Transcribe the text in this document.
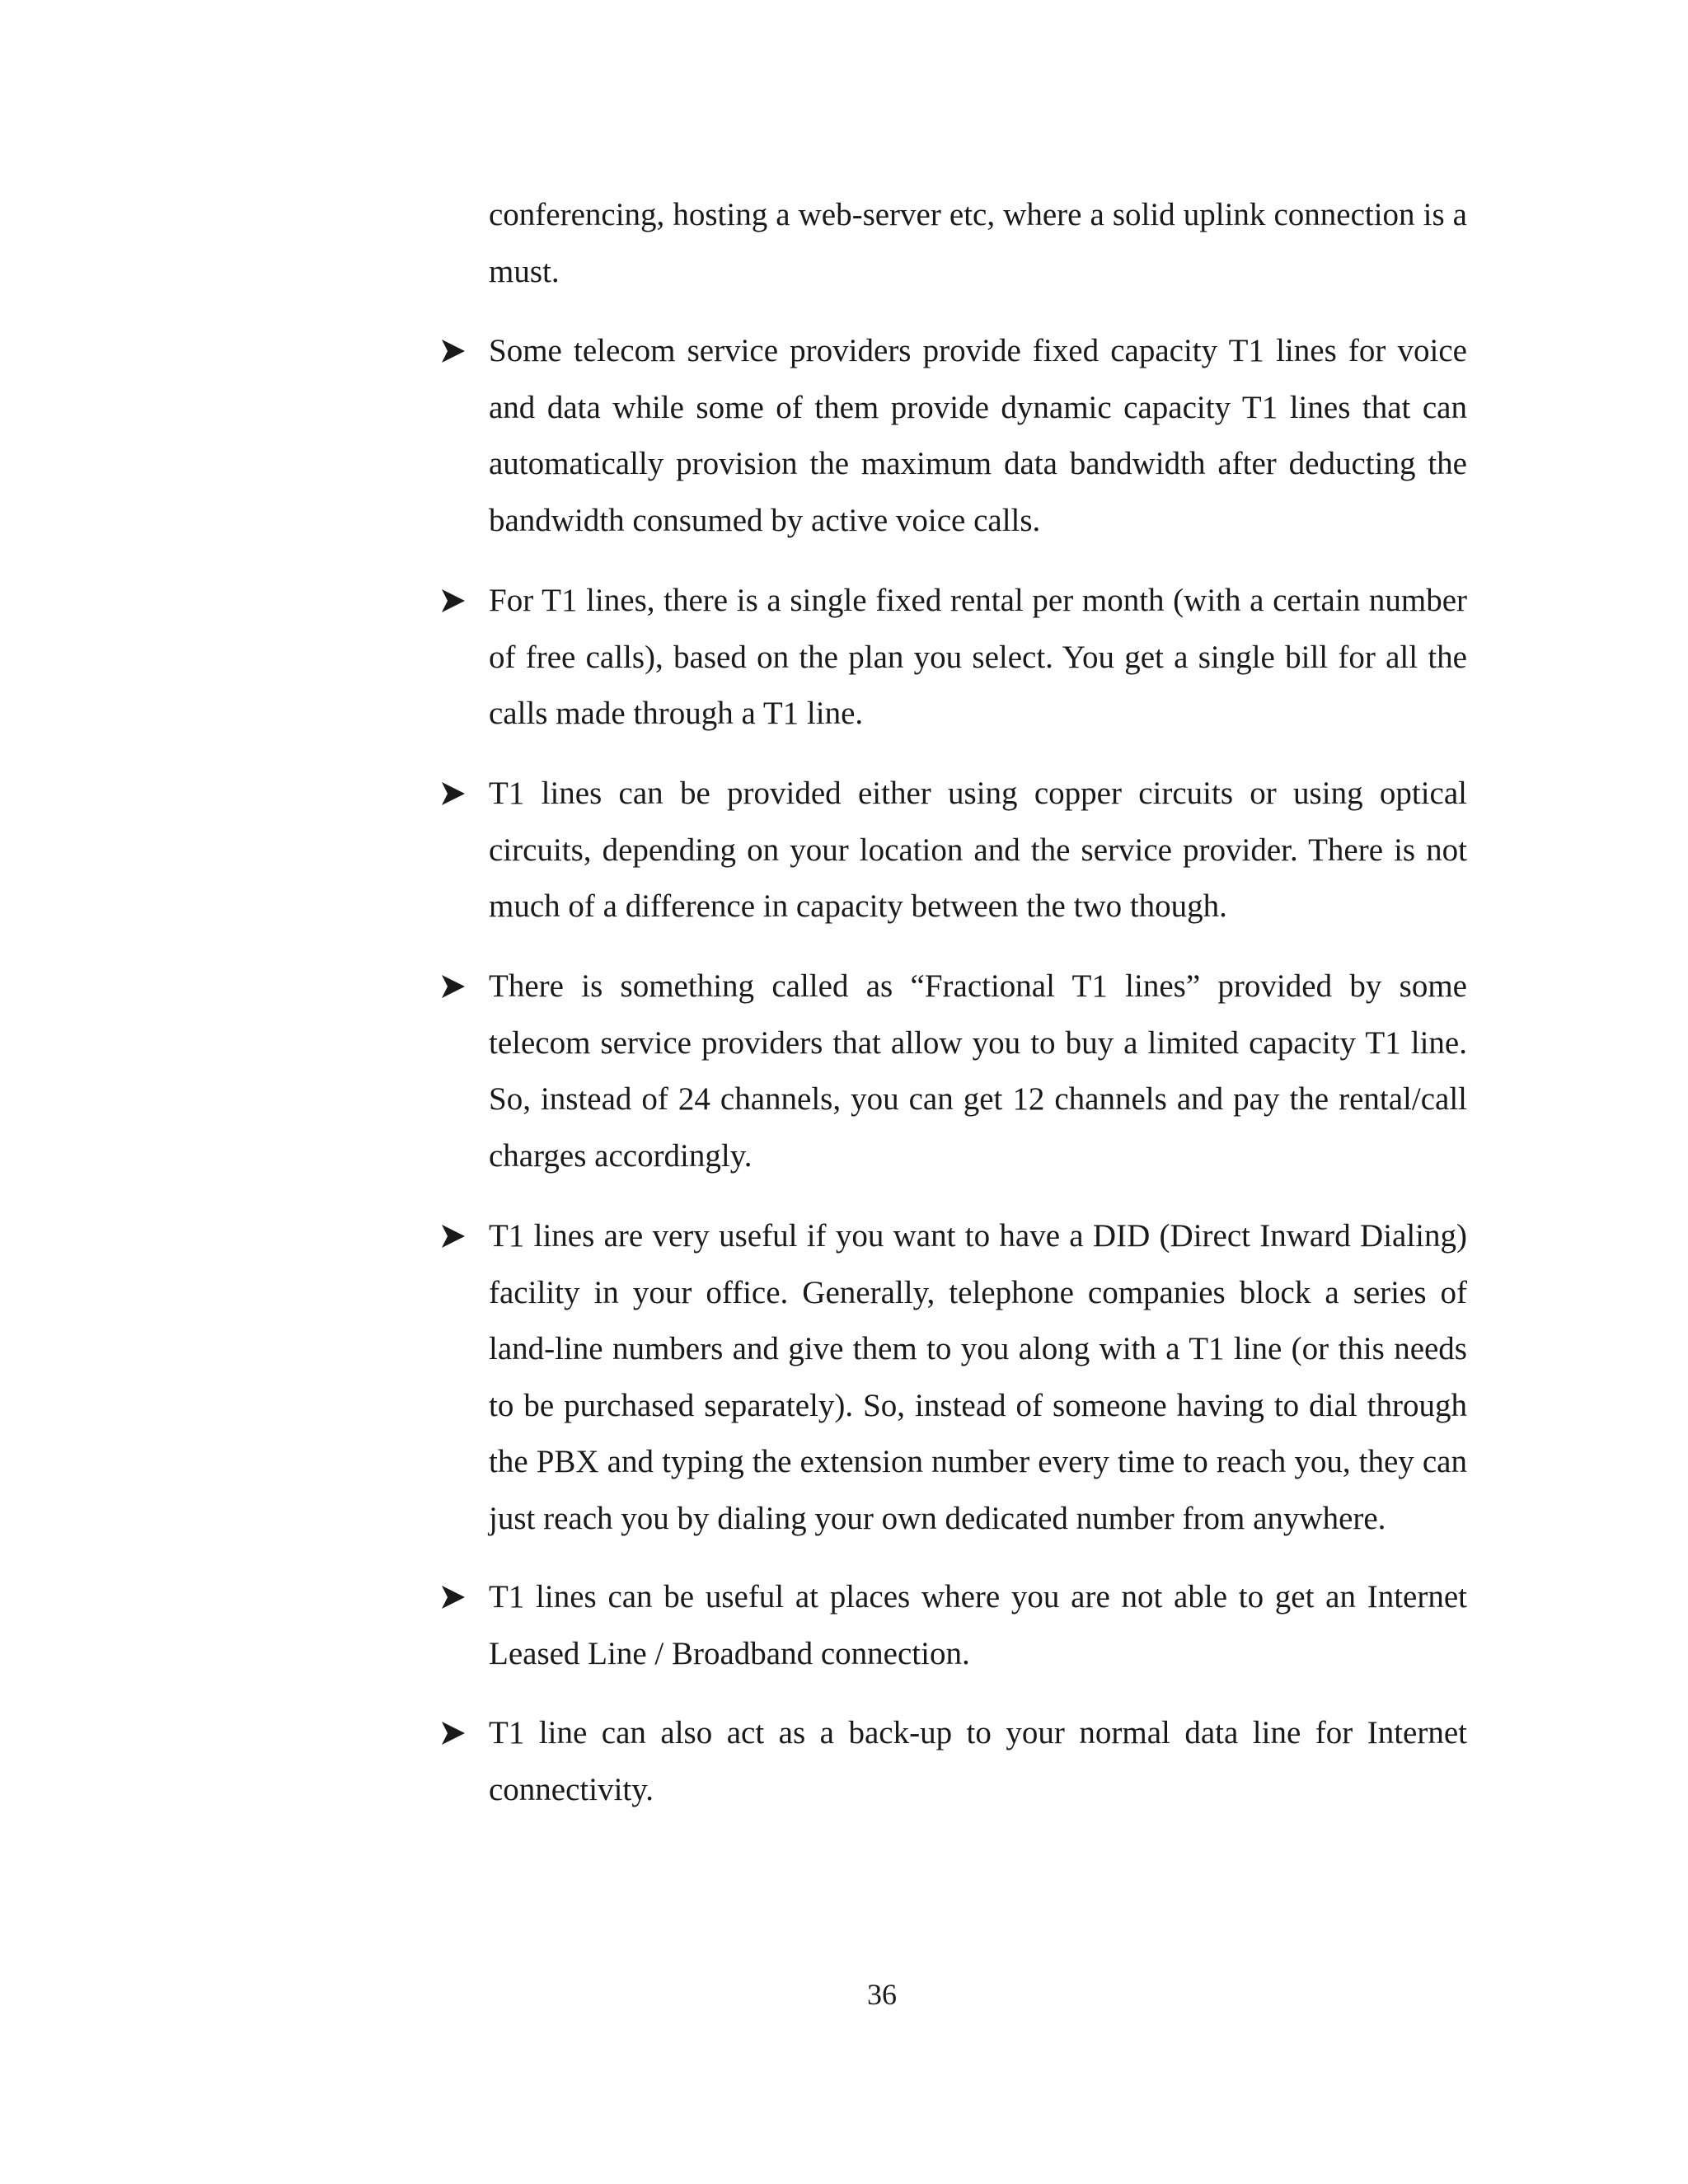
conferencing, hosting a web-server etc, where a solid uplink connection is a must.
Some telecom service providers provide fixed capacity T1 lines for voice and data while some of them provide dynamic capacity T1 lines that can automatically provision the maximum data bandwidth after deducting the bandwidth consumed by active voice calls.
For T1 lines, there is a single fixed rental per month (with a certain number of free calls), based on the plan you select. You get a single bill for all the calls made through a T1 line.
T1 lines can be provided either using copper circuits or using optical circuits, depending on your location and the service provider. There is not much of a difference in capacity between the two though.
There is something called as “Fractional T1 lines” provided by some telecom service providers that allow you to buy a limited capacity T1 line. So, instead of 24 channels, you can get 12 channels and pay the rental/call charges accordingly.
T1 lines are very useful if you want to have a DID (Direct Inward Dialing) facility in your office. Generally, telephone companies block a series of land-line numbers and give them to you along with a T1 line (or this needs to be purchased separately). So, instead of someone having to dial through the PBX and typing the extension number every time to reach you, they can just reach you by dialing your own dedicated number from anywhere.
T1 lines can be useful at places where you are not able to get an Internet Leased Line / Broadband connection.
T1 line can also act as a back-up to your normal data line for Internet connectivity.
36
